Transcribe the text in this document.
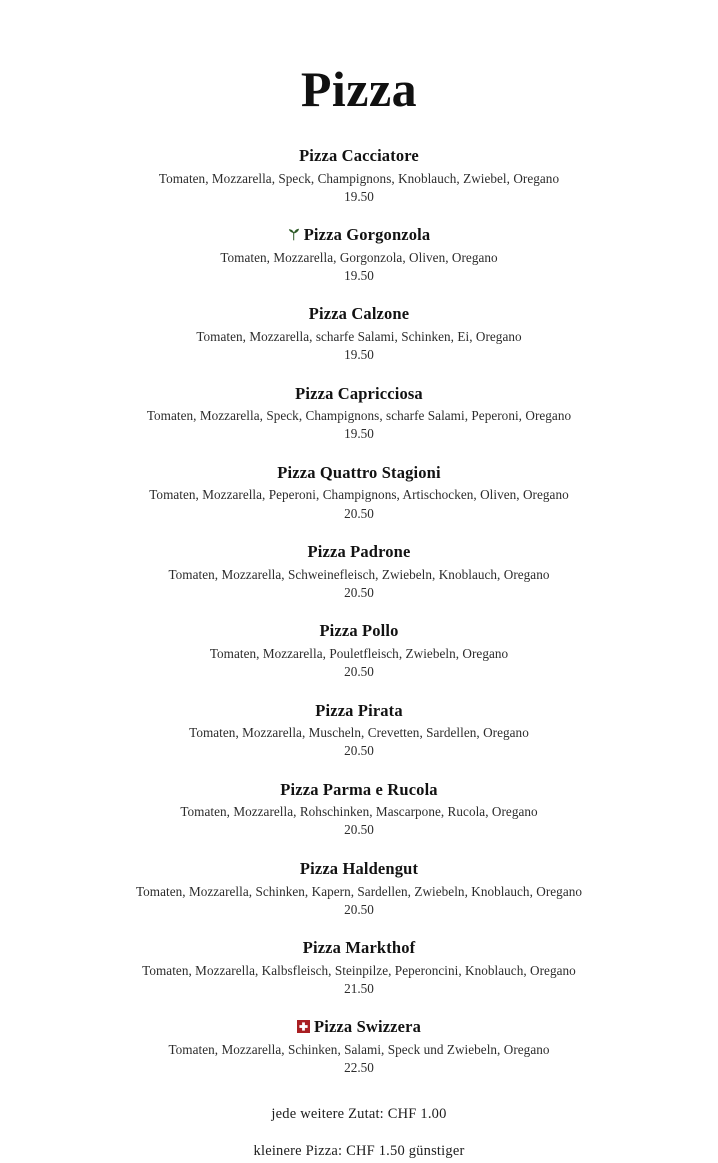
Pizza
Pizza Cacciatore
Tomaten, Mozzarella, Speck, Champignons, Knoblauch, Zwiebel, Oregano
19.50
Pizza Gorgonzola
Tomaten, Mozzarella, Gorgonzola, Oliven, Oregano
19.50
Pizza Calzone
Tomaten, Mozzarella, scharfe Salami, Schinken, Ei, Oregano
19.50
Pizza Capricciosa
Tomaten, Mozzarella, Speck, Champignons, scharfe Salami, Peperoni, Oregano
19.50
Pizza Quattro Stagioni
Tomaten, Mozzarella, Peperoni, Champignons, Artischocken, Oliven, Oregano
20.50
Pizza Padrone
Tomaten, Mozzarella, Schweinefleisch, Zwiebeln, Knoblauch, Oregano
20.50
Pizza Pollo
Tomaten, Mozzarella, Pouletfleisch, Zwiebeln, Oregano
20.50
Pizza Pirata
Tomaten, Mozzarella, Muscheln, Crevetten, Sardellen, Oregano
20.50
Pizza Parma e Rucola
Tomaten, Mozzarella, Rohschinken, Mascarpone, Rucola, Oregano
20.50
Pizza Haldengut
Tomaten, Mozzarella, Schinken, Kapern, Sardellen, Zwiebeln, Knoblauch, Oregano
20.50
Pizza Markthof
Tomaten, Mozzarella, Kalbsfleisch, Steinpilze, Peperoncini, Knoblauch, Oregano
21.50
Pizza Swizzera
Tomaten, Mozzarella, Schinken, Salami, Speck und Zwiebeln, Oregano
22.50
jede weitere Zutat: CHF 1.00
kleinere Pizza: CHF 1.50 günstiger
